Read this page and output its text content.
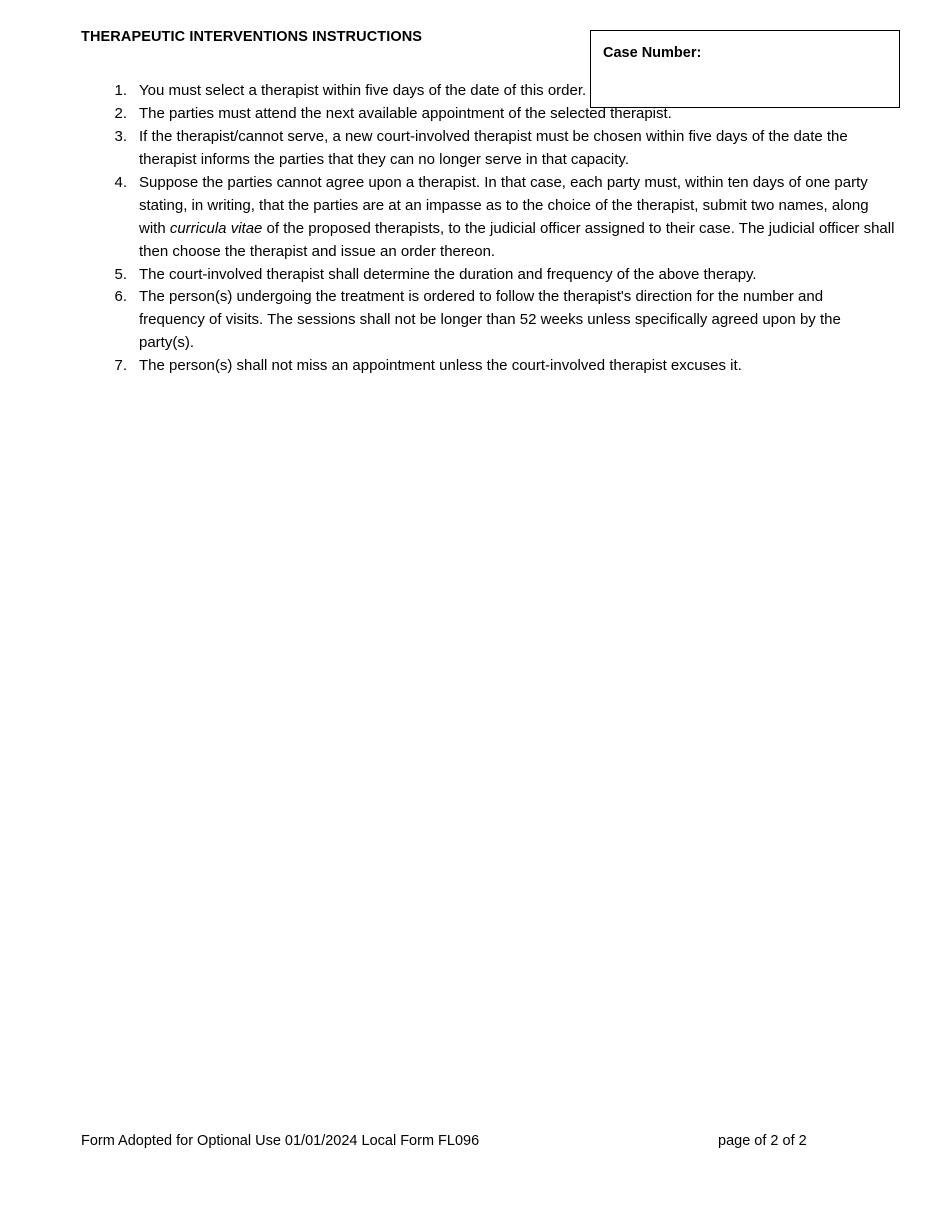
THERAPEUTIC INTERVENTIONS INSTRUCTIONS
Case Number:
1. You must select a therapist within five days of the date of this order.
2. The parties must attend the next available appointment of the selected therapist.
3. If the therapist/cannot serve, a new court-involved therapist must be chosen within five days of the date the therapist informs the parties that they can no longer serve in that capacity.
4. Suppose the parties cannot agree upon a therapist. In that case, each party must, within ten days of one party stating, in writing, that the parties are at an impasse as to the choice of the therapist, submit two names, along with curricula vitae of the proposed therapists, to the judicial officer assigned to their case. The judicial officer shall then choose the therapist and issue an order thereon.
5. The court-involved therapist shall determine the duration and frequency of the above therapy.
6. The person(s) undergoing the treatment is ordered to follow the therapist's direction for the number and frequency of visits. The sessions shall not be longer than 52 weeks unless specifically agreed upon by the party(s).
7. The person(s) shall not miss an appointment unless the court-involved therapist excuses it.
Form Adopted for Optional Use 01/01/2024 Local Form FL096	page of 2 of 2
